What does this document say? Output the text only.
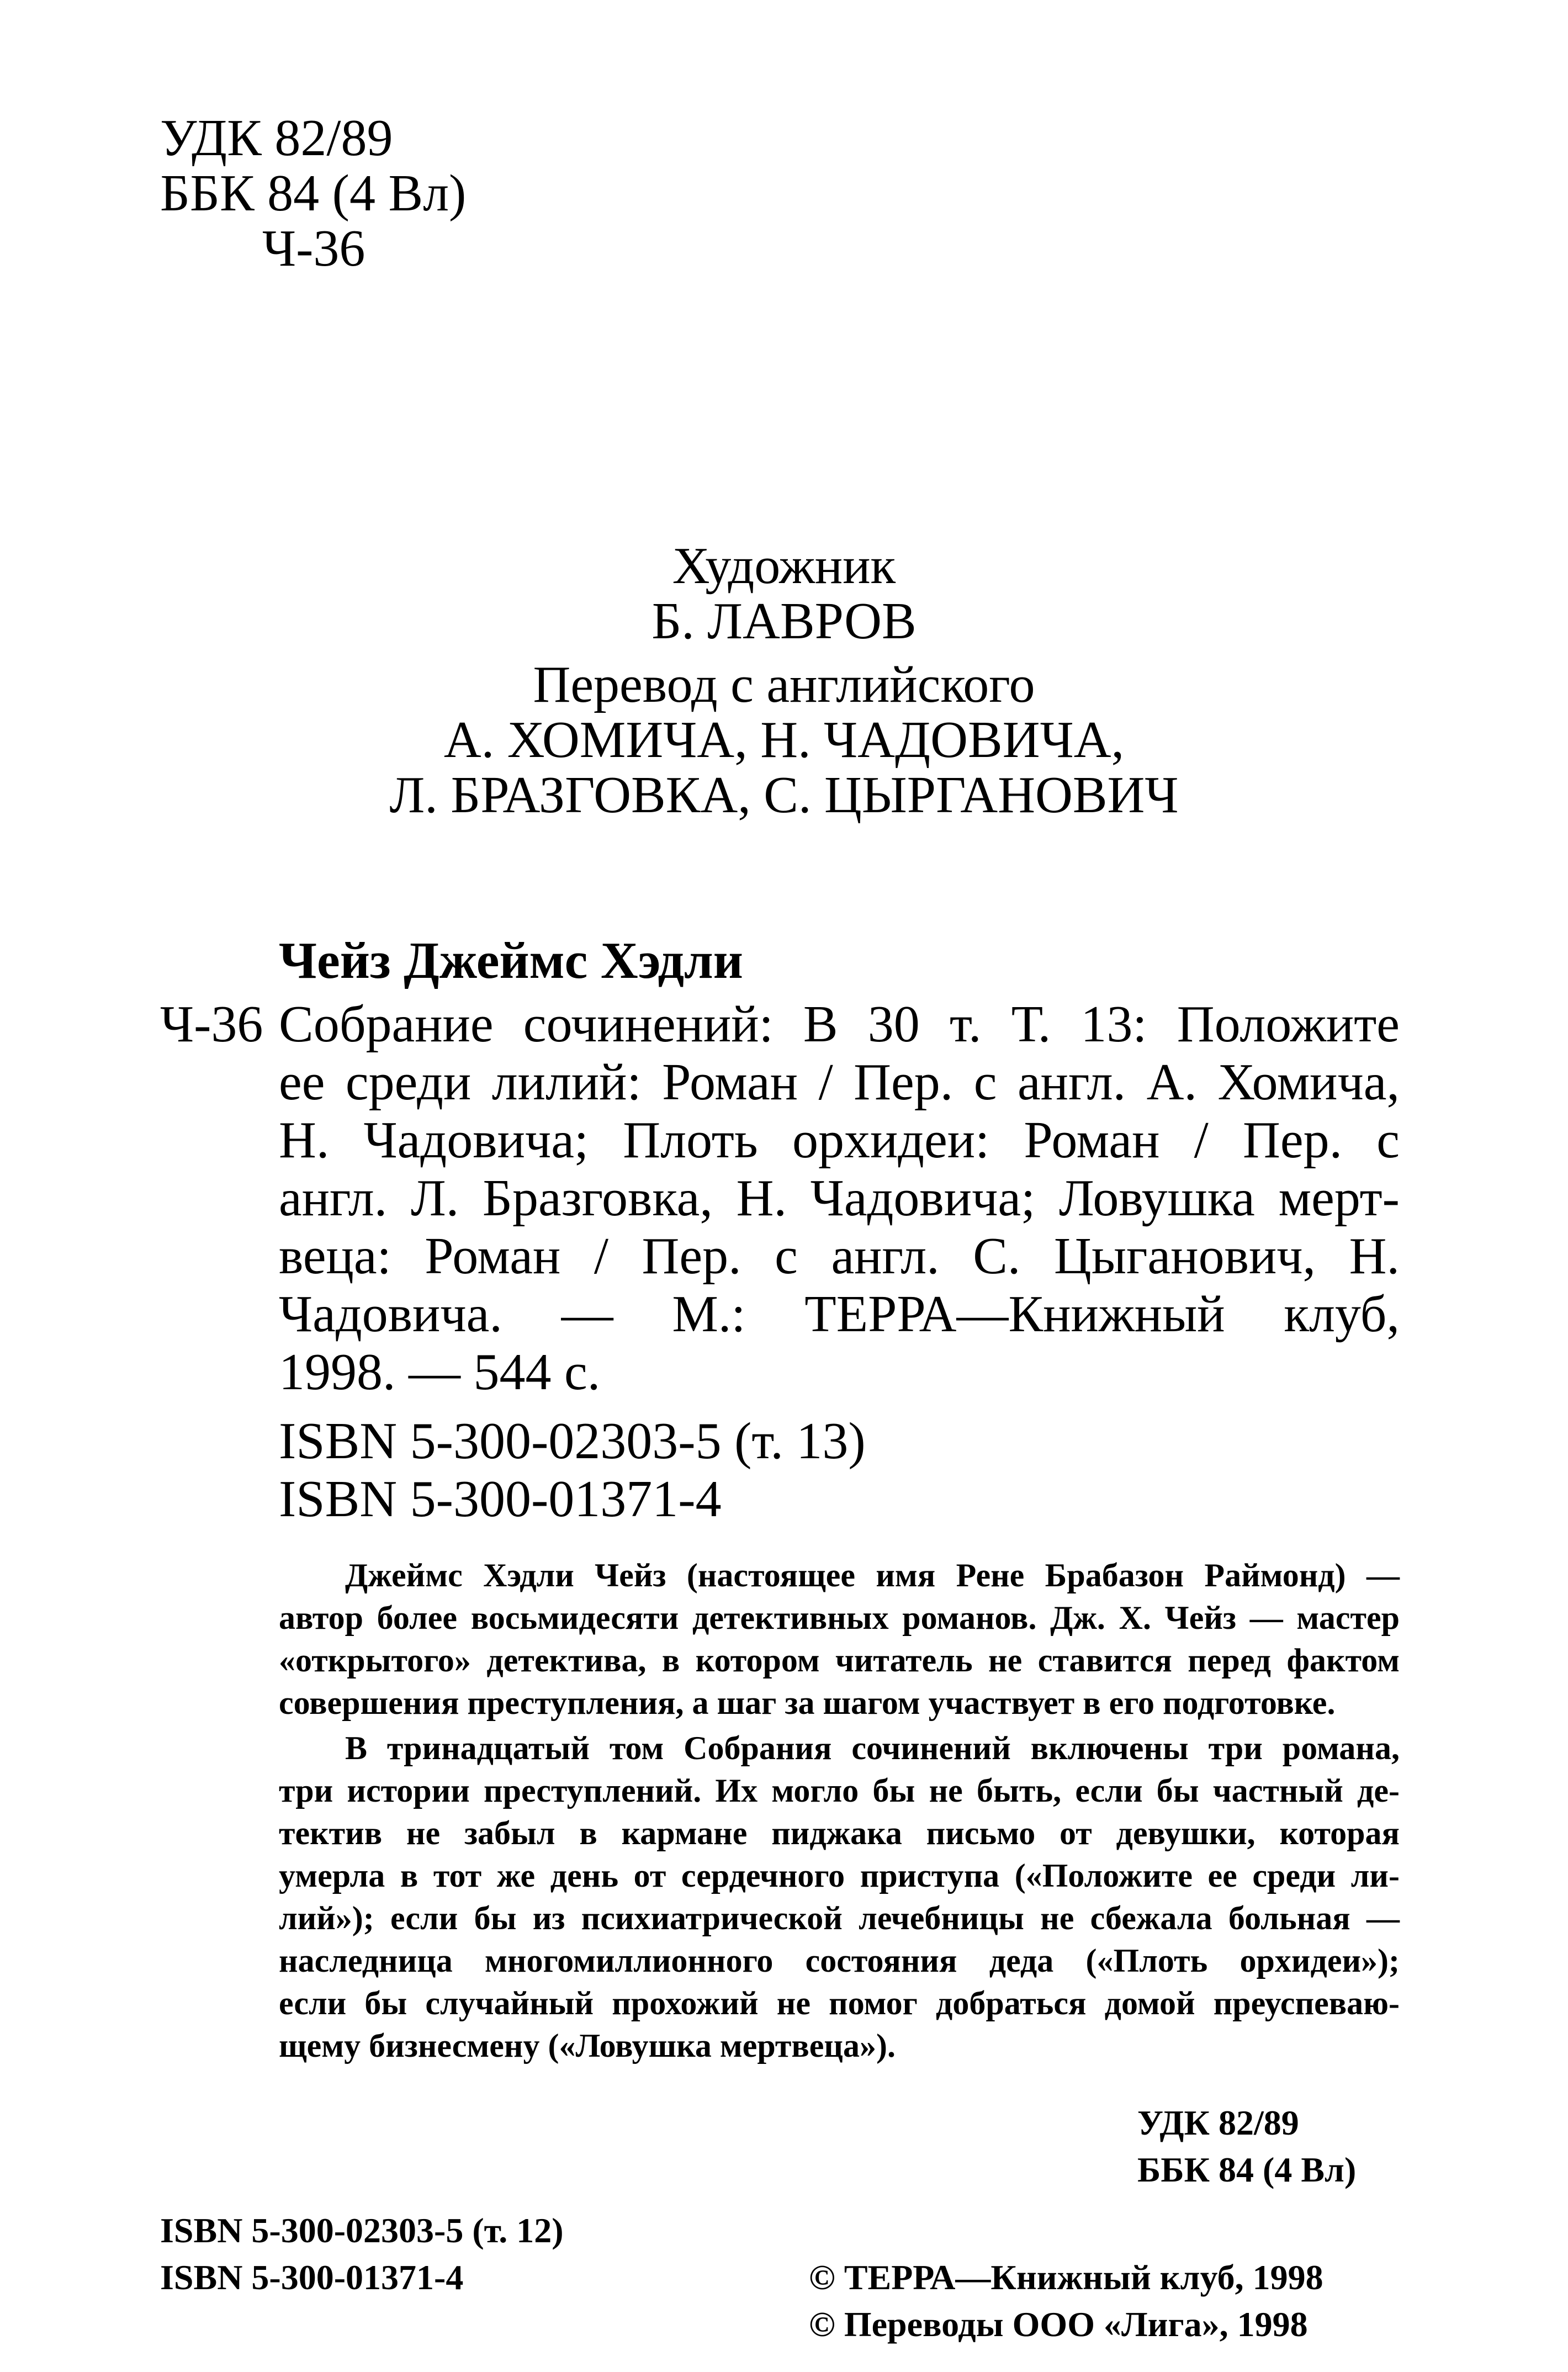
УДК 82/89
ББК 84 (4 Вл)
Ч-36
Художник
Б. ЛАВРОВ
Перевод с английского
А. ХОМИЧА, Н. ЧАДОВИЧА,
Л. БРАЗГОВКА, С. ЦЫРГАНОВИЧ
Чейз Джеймс Хэдли
Ч-36 Собрание сочинений: В 30 т. Т. 13: Положите
ее среди лилий: Роман / Пер. с англ. А. Хомича,
Н. Чадовича; Плоть орхидеи: Роман / Пер. с
англ. Л. Бразговка, Н. Чадовича; Ловушка мерт-
веца: Роман / Пер. с англ. С. Цыганович, Н.
Чадовича. — М.: ТЕРРА—Книжный клуб,
1998. — 544 с.
ISBN 5-300-02303-5 (т. 13)
ISBN 5-300-01371-4
Джеймс Хэдли Чейз (настоящее имя Рене Брабазон Раймонд) —
автор более восьмидесяти детективных романов. Дж. Х. Чейз — мастер
«открытого» детектива, в котором читатель не ставится перед фактом
совершения преступления, а шаг за шагом участвует в его подготовке.
В тринадцатый том Собрания сочинений включены три романа,
три истории преступлений. Их могло бы не быть, если бы частный де-
тектив не забыл в кармане пиджака письмо от девушки, которая
умерла в тот же день от сердечного приступа («Положите ее среди ли-
лий»); если бы из психиатрической лечебницы не сбежала больная —
наследница многомиллионного состояния деда («Плоть орхидеи»);
если бы случайный прохожий не помог добраться домой преуспеваю-
щему бизнесмену («Ловушка мертвеца»).
УДК 82/89
ББК 84 (4 Вл)
ISBN 5-300-02303-5 (т. 12)
ISBN 5-300-01371-4	© ТЕРРА—Книжный клуб, 1998
© Переводы ООО «Лига», 1998
